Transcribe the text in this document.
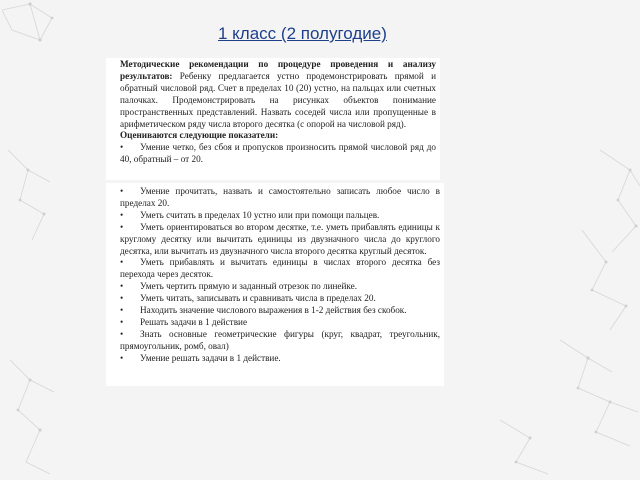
1 класс (2 полугодие)

Методические рекомендации по процедуре проведения и анализу результатов: Ребенку предлагается устно продемонстрировать прямой и обратный числовой ряд. Счет в пределах 10 (20) устно, на пальцах или счетных палочках. Продемонстрировать на рисунках объектов понимание пространственных представлений. Назвать соседей числа или пропущенные в арифметическом ряду числа второго десятка (с опорой на числовой ряд).

Оцениваются следующие показатели:

• Умение четко, без сбоя и пропусков произносить прямой числовой ряд до 40, обратный – от 20.

• Умение прочитать, назвать и самостоятельно записать любое число в пределах 20.

• Уметь считать в пределах 10 устно или при помощи пальцев.

• Уметь ориентироваться во втором десятке, т.е. уметь прибавлять единицы к круглому десятку или вычитать единицы из двузначного числа до круглого десятка, или вычитать из двузначного числа второго десятка круглый десяток.

• Уметь прибавлять и вычитать единицы в числах второго десятка без перехода через десяток.

• Уметь чертить прямую и заданный отрезок по линейке.

• Уметь читать, записывать и сравнивать числа в пределах 20.

• Находить значение числового выражения в 1-2 действия без скобок.

• Решать задачи в 1 действие

• Знать основные геометрические фигуры (круг, квадрат, треугольник, прямоугольник, ромб, овал)

• Умение решать задачи в 1 действие.
